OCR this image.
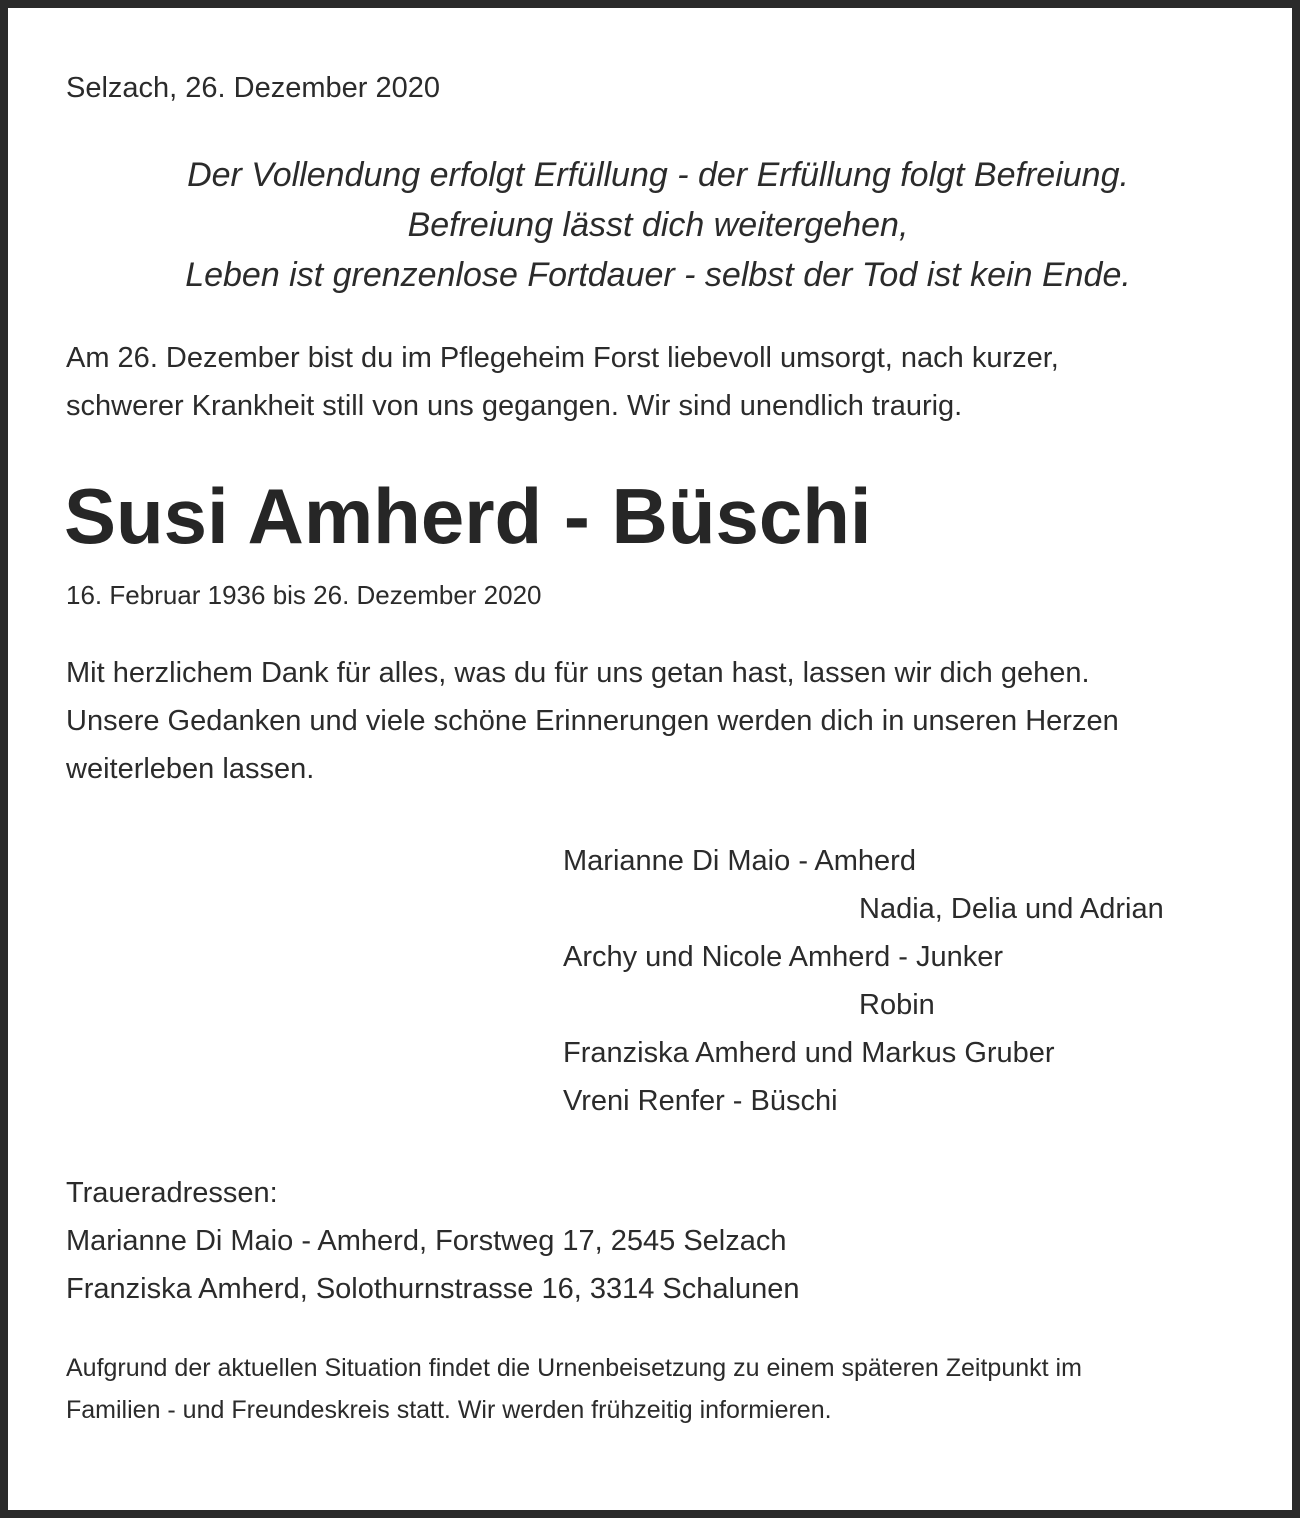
Selzach, 26. Dezember 2020

Der Vollendung erfolgt Erfüllung - der Erfüllung folgt Befreiung.

Befreiung lässt dich weitergehen,

Leben ist grenzenlose Fortdauer - selbst der Tod ist kein Ende.

Am 26. Dezember bist du im Pflegeheim Forst liebevoll umsorgt, nach kurzer,

schwerer Krankheit still von uns gegangen. Wir sind unendlich traurig.

Susi Amherd - Büschi

16. Februar 1936 bis 26. Dezember 2020

Mit herzlichem Dank für alles, was du für uns getan hast, lassen wir dich gehen.

Unsere Gedanken und viele schöne Erinnerungen werden dich in unseren Herzen

weiterleben lassen.

Marianne Di Maio - Amherd

Nadia, Delia und Adrian

Archy und Nicole Amherd - Junker

Robin

Franziska Amherd und Markus Gruber

Vreni Renfer - Büschi

Traueradressen:

Marianne Di Maio - Amherd, Forstweg 17, 2545 Selzach

Franziska Amherd, Solothurnstrasse 16, 3314 Schalunen

Aufgrund der aktuellen Situation findet die Urnenbeisetzung zu einem späteren Zeitpunkt im

Familien - und Freundeskreis statt. Wir werden frühzeitig informieren.
